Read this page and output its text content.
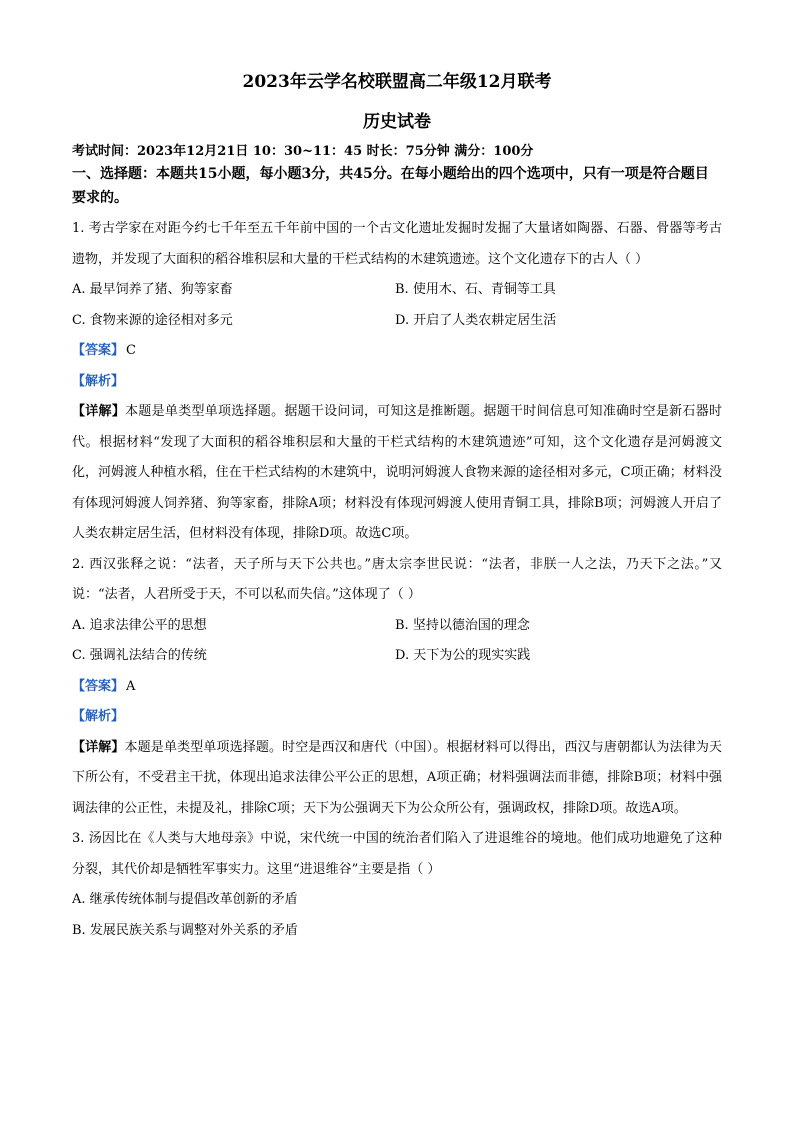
2023年云学名校联盟高二年级12月联考

历史试卷

考试时间：2023年12月21日 10：30~11：45 时长：75分钟 满分：100分

一、选择题：本题共15小题，每小题3分，共45分。在每小题给出的四个选项中，只有一项是符合题目要求的。

1. 考古学家在对距今约七千年至五千年前中国的一个古文化遗址发掘时发掘了大量诸如陶器、石器、骨器等考古遗物，并发现了大面积的稻谷堆积层和大量的干栏式结构的木建筑遗迹。这个文化遗存下的古人（ ）

A. 最早饲养了猪、狗等家畜	B. 使用木、石、青铜等工具
C. 食物来源的途径相对多元	D. 开启了人类农耕定居生活

【答案】 C

【解析】

【详解】本题是单类型单项选择题。据题干设问词，可知这是推断题。据题干时间信息可知准确时空是新石器时代。根据材料“发现了大面积的稻谷堆积层和大量的干栏式结构的木建筑遗迹”可知，这个文化遗存是河姆渡文化，河姆渡人种植水稻，住在干栏式结构的木建筑中，说明河姆渡人食物来源的途径相对多元，C项正确；材料没有体现河姆渡人饲养猪、狗等家畜，排除A项；材料没有体现河姆渡人使用青铜工具，排除B项；河姆渡人开启了人类农耕定居生活，但材料没有体现，排除D项。故选C项。

2. 西汉张释之说：“法者，天子所与天下公共也。”唐太宗李世民说：“法者，非朕一人之法，乃天下之法。”又说：“法者，人君所受于天，不可以私而失信。”这体现了（ ）

A. 追求法律公平的思想	B. 坚持以德治国的理念
C. 强调礼法结合的传统	D. 天下为公的现实实践

【答案】 A

【解析】

【详解】本题是单类型单项选择题。时空是西汉和唐代（中国）。根据材料可以得出，西汉与唐朝都认为法律为天下所公有，不受君主干扰，体现出追求法律公平公正的思想，A项正确；材料强调法而非德，排除B项；材料中强调法律的公正性，未提及礼，排除C项；天下为公强调天下为公众所公有，强调政权，排除D项。故选A项。

3. 汤因比在《人类与大地母亲》中说，宋代统一中国的统治者们陷入了进退维谷的境地。他们成功地避免了这种分裂，其代价却是牺牲军事实力。这里“进退维谷”主要是指（ ）

A. 继承传统体制与提倡改革创新的矛盾

B. 发展民族关系与调整对外关系的矛盾
